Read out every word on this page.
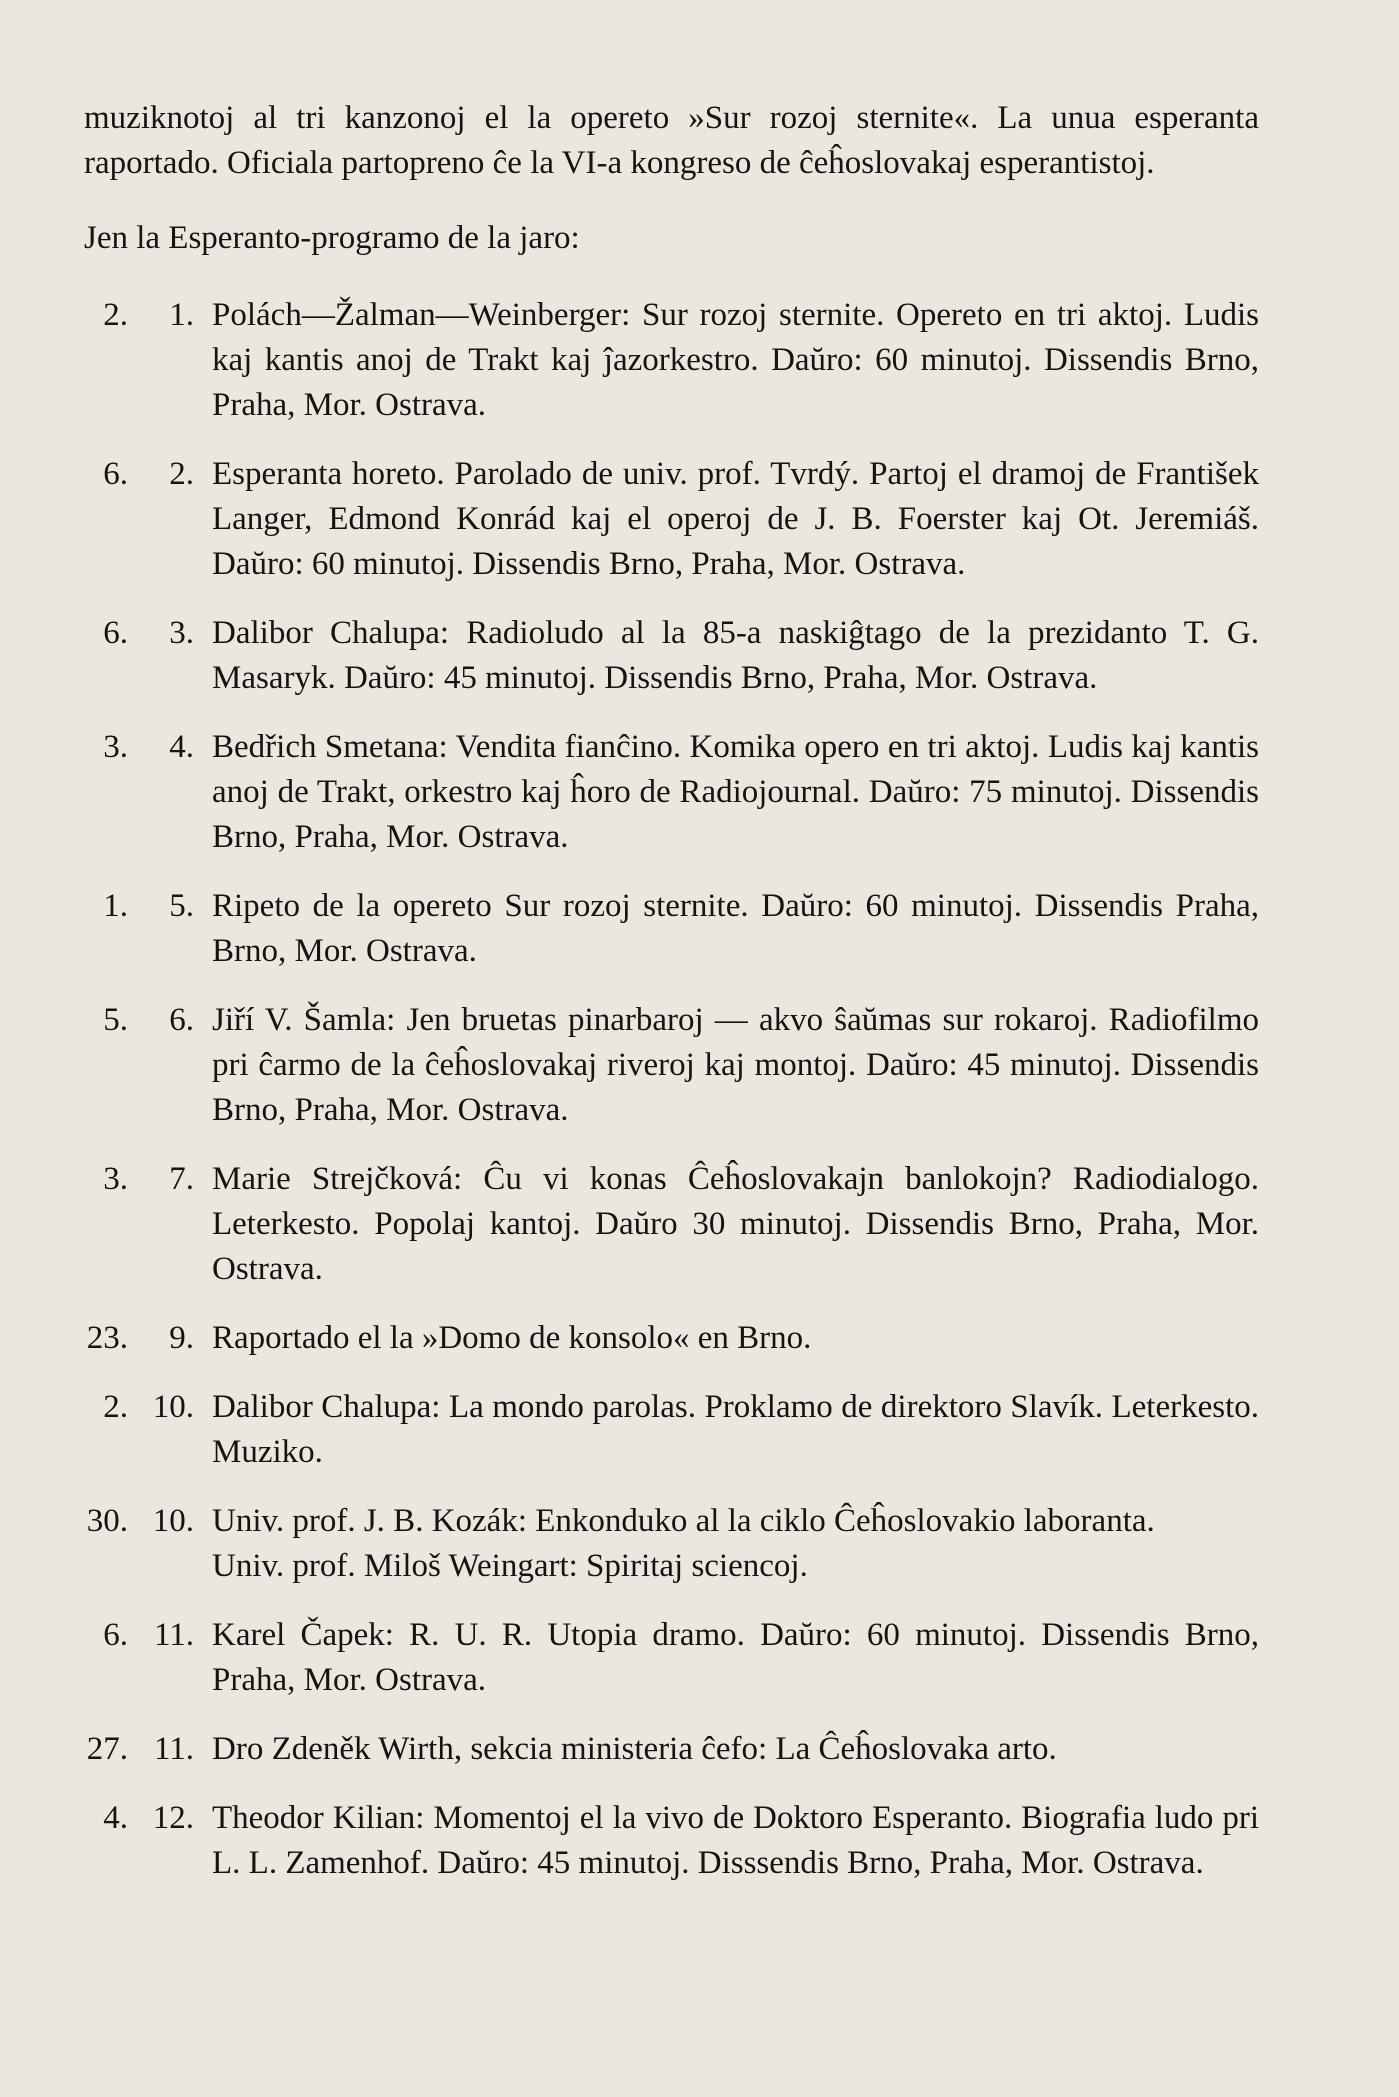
muziknotoj al tri kanzonoj el la opereto »Sur rozoj sternite«. La unua esperanta raportado. Oficiala partopreno ĉe la VI-a kongreso de ĉeĥoslovakaj esperantistoj.

Jen la Esperanto-programo de la jaro:

2.	1. Polách—Žalman—Weinberger: Sur rozoj sternite. Opereto en tri aktoj. Ludis kaj kantis anoj de Trakt kaj ĵazorkestro. Daŭro: 60 minutoj. Dissendis Brno, Praha, Mor. Ostrava.
6.	2. Esperanta horeto. Parolado de univ. prof. Tvrdý. Partoj el dramoj de František Langer, Edmond Konrád kaj el operoj de J. B. Foerster kaj Ot. Jeremiáš. Daŭro: 60 minutoj. Dissendis Brno, Praha, Mor. Ostrava.
6.	3. Dalibor Chalupa: Radioludo al la 85-a naskiĝtago de la prezidanto T. G. Masaryk. Daŭro: 45 minutoj. Dissendis Brno, Praha, Mor. Ostrava.
3.	4. Bedřich Smetana: Vendita fianĉino. Komika opero en tri aktoj. Ludis kaj kantis anoj de Trakt, orkestro kaj ĥoro de Radiojournal. Daŭro: 75 minutoj. Dissendis Brno, Praha, Mor. Ostrava.
1.	5. Ripeto de la opereto Sur rozoj sternite. Daŭro: 60 minutoj. Dissendis Praha, Brno, Mor. Ostrava.
5.	6. Jiří V. Šamla: Jen bruetas pinarbaroj — akvo ŝaŭmas sur rokaroj. Radiofilmo pri ĉarmo de la ĉeĥoslovakaj riveroj kaj montoj. Daŭro: 45 minutoj. Dissendis Brno, Praha, Mor. Ostrava.
3.	7. Marie Strejčková: Ĉu vi konas Ĉeĥoslovakajn banlokojn? Radiodialogo. Leterkesto. Popolaj kantoj. Daŭro 30 minutoj. Dissendis Brno, Praha, Mor. Ostrava.
23.	9. Raportado el la »Domo de konsolo« en Brno.
2. 10. Dalibor Chalupa: La mondo parolas. Proklamo de direktoro Slavík. Leterkesto. Muziko.
30. 10. Univ. prof. J. B. Kozák: Enkonduko al la ciklo Ĉeĥoslovakio laboranta.
Univ. prof. Miloš Weingart: Spiritaj sciencoj.
6. 11. Karel Čapek: R. U. R. Utopia dramo. Daŭro: 60 minutoj. Dissendis Brno, Praha, Mor. Ostrava.
27. 11. Dro Zdeněk Wirth, sekcia ministeria ĉefo: La Ĉeĥoslovaka arto.
4. 12. Theodor Kilian: Momentoj el la vivo de Doktoro Esperanto. Biografia ludo pri L. L. Zamenhof. Daŭro: 45 minutoj. Disssendis Brno, Praha, Mor. Ostrava.
